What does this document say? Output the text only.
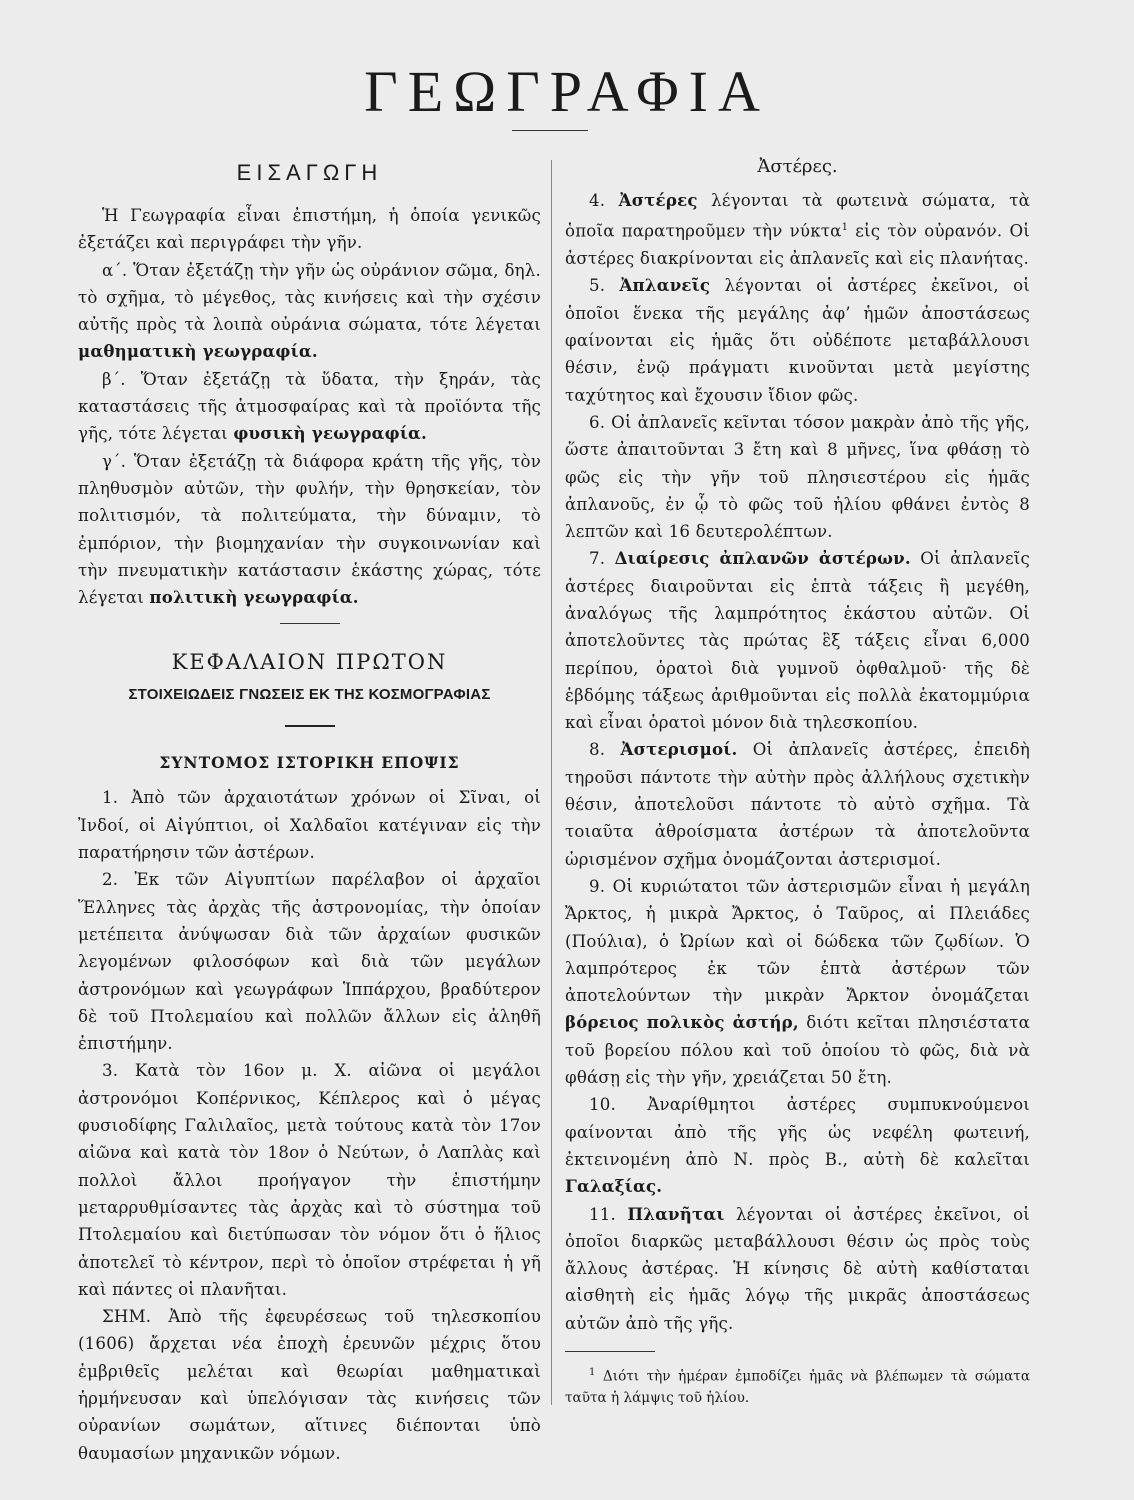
ΓΕΩΓΡΑΦΙΑ
ΕΙΣΑΓΩΓΗ

Ἡ Γεωγραφία εἶναι ἐπιστήμη, ἡ ὁποία γενικῶς ἐξετάζει καὶ περιγράφει τὴν γῆν.

α΄. Ὅταν ἐξετάζῃ τὴν γῆν ὡς οὐράνιον σῶμα, δηλ. τὸ σχῆμα, τὸ μέγεθος, τὰς κινήσεις καὶ τὴν σχέσιν αὐτῆς πρὸς τὰ λοιπὰ οὐράνια σώματα, τότε λέγεται μαθηματικὴ γεωγραφία.

β΄. Ὅταν ἐξετάζῃ τὰ ὕδατα, τὴν ξηράν, τὰς καταστάσεις τῆς ἀτμοσφαίρας καὶ τὰ προϊόντα τῆς γῆς, τότε λέγεται φυσικὴ γεωγραφία.

γ΄. Ὅταν ἐξετάζῃ τὰ διάφορα κράτη τῆς γῆς, τὸν πληθυσμὸν αὐτῶν, τὴν φυλήν, τὴν θρησκείαν, τὸν πολιτισμόν, τὰ πολιτεύματα, τὴν δύναμιν, τὸ ἐμπόριον, τὴν βιομηχανίαν τὴν συγκοινωνίαν καὶ τὴν πνευματικὴν κατάστασιν ἑκάστης χώρας, τότε λέγεται πολιτικὴ γεωγραφία.

ΚΕΦΑΛΑΙΟΝ ΠΡΩΤΟΝ
ΣΤΟΙΧΕΙΩΔΕΙΣ ΓΝΩΣΕΙΣ ΕΚ ΤΗΣ ΚΟΣΜΟΓΡΑΦΙΑΣ
ΣΥΝΤΟΜΟΣ ΙΣΤΟΡΙΚΗ ΕΠΟΨΙΣ

1. Ἀπὸ τῶν ἀρχαιοτάτων χρόνων οἱ Σῖναι, οἱ Ἰνδοί, οἱ Αἰγύπτιοι, οἱ Χαλδαῖοι κατέγιναν εἰς τὴν παρατήρησιν τῶν ἀστέρων.

2. Ἐκ τῶν Αἰγυπτίων παρέλαβον οἱ ἀρχαῖοι Ἕλληνες τὰς ἀρχὰς τῆς ἀστρονομίας, τὴν ὁποίαν μετέπειτα ἀνύψωσαν διὰ τῶν ἀρχαίων φυσικῶν λεγομένων φιλοσόφων καὶ διὰ τῶν μεγάλων ἀστρονόμων καὶ γεωγράφων Ἱππάρχου, βραδύτερον δὲ τοῦ Πτολεμαίου καὶ πολλῶν ἄλλων εἰς ἀληθῆ ἐπιστήμην.

3. Κατὰ τὸν 16ον μ. Χ. αἰῶνα οἱ μεγάλοι ἀστρονόμοι Κοπέρνικος, Κέπλερος καὶ ὁ μέγας φυσιοδίφης Γαλιλαῖος, μετὰ τούτους κατὰ τὸν 17ον αἰῶνα καὶ κατὰ τὸν 18ον ὁ Νεύτων, ὁ Λαπλὰς καὶ πολλοὶ ἄλλοι προήγαγον τὴν ἐπιστήμην μεταρρυθμίσαντες τὰς ἀρχὰς καὶ τὸ σύστημα τοῦ Πτολεμαίου καὶ διετύπωσαν τὸν νόμον ὅτι ὁ ἥλιος ἀποτελεῖ τὸ κέντρον, περὶ τὸ ὁποῖον στρέφεται ἡ γῆ καὶ πάντες οἱ πλανῆται.

ΣΗΜ. Ἀπὸ τῆς ἐφευρέσεως τοῦ τηλεσκοπίου (1606) ἄρχεται νέα ἐποχὴ ἐρευνῶν μέχρις ὅτου ἐμβριθεῖς μελέται καὶ θεωρίαι μαθηματικαὶ ἡρμήνευσαν καὶ ὑπελόγισαν τὰς κινήσεις τῶν οὐρανίων σωμάτων, αἵτινες διέπονται ὑπὸ θαυμασίων μηχανικῶν νόμων.

Ἀστέρες.

4. Ἀστέρες λέγονται τὰ φωτεινὰ σώματα, τὰ ὁποῖα παρατηροῦμεν τὴν νύκτα$^1$ εἰς τὸν οὐρανόν. Οἱ ἀστέρες διακρίνονται εἰς ἀπλανεῖς καὶ εἰς πλανήτας.

5. Ἀπλανεῖς λέγονται οἱ ἀστέρες ἐκεῖνοι, οἱ ὁποῖοι ἕνεκα τῆς μεγάλης ἀφ’ ἡμῶν ἀποστάσεως φαίνονται εἰς ἡμᾶς ὅτι οὐδέποτε μεταβάλλουσι θέσιν, ἐνῷ πράγματι κινοῦνται μετὰ μεγίστης ταχύτητος καὶ ἔχουσιν ἴδιον φῶς.

6. Οἱ ἀπλανεῖς κεῖνται τόσον μακρὰν ἀπὸ τῆς γῆς, ὥστε ἀπαιτοῦνται 3 ἔτη καὶ 8 μῆνες, ἵνα φθάσῃ τὸ φῶς εἰς τὴν γῆν τοῦ πλησιεστέρου εἰς ἡμᾶς ἀπλανοῦς, ἐν ᾧ τὸ φῶς τοῦ ἡλίου φθάνει ἐντὸς 8 λεπτῶν καὶ 16 δευτερολέπτων.

7. Διαίρεσις ἀπλανῶν ἀστέρων. Οἱ ἀπλανεῖς ἀστέρες διαιροῦνται εἰς ἑπτὰ τάξεις ἢ μεγέθη, ἀναλόγως τῆς λαμπρότητος ἑκάστου αὐτῶν. Οἱ ἀποτελοῦντες τὰς πρώτας ἓξ τάξεις εἶναι 6,000 περίπου, ὁρατοὶ διὰ γυμνοῦ ὀφθαλμοῦ· τῆς δὲ ἑβδόμης τάξεως ἀριθμοῦνται εἰς πολλὰ ἑκατομμύρια καὶ εἶναι ὁρατοὶ μόνον διὰ τηλεσκοπίου.

8. Ἀστερισμοί. Οἱ ἀπλανεῖς ἀστέρες, ἐπειδὴ τηροῦσι πάντοτε τὴν αὐτὴν πρὸς ἀλλήλους σχετικὴν θέσιν, ἀποτελοῦσι πάντοτε τὸ αὐτὸ σχῆμα. Τὰ τοιαῦτα ἀθροίσματα ἀστέρων τὰ ἀποτελοῦντα ὡρισμένον σχῆμα ὀνομάζονται ἀστερισμοί.

9. Οἱ κυριώτατοι τῶν ἀστερισμῶν εἶναι ἡ μεγάλη Ἄρκτος, ἡ μικρὰ Ἄρκτος, ὁ Ταῦρος, αἱ Πλειάδες (Πούλια), ὁ Ὠρίων καὶ οἱ δώδεκα τῶν ζῳδίων. Ὁ λαμπρότερος ἐκ τῶν ἑπτὰ ἀστέρων τῶν ἀποτελούντων τὴν μικρὰν Ἄρκτον ὀνομάζεται βόρειος πολικὸς ἀστήρ, διότι κεῖται πλησιέστατα τοῦ βορείου πόλου καὶ τοῦ ὁποίου τὸ φῶς, διὰ νὰ φθάσῃ εἰς τὴν γῆν, χρειάζεται 50 ἔτη.

10. Ἀναρίθμητοι ἀστέρες συμπυκνούμενοι φαίνονται ἀπὸ τῆς γῆς ὡς νεφέλη φωτεινή, ἐκτεινομένη ἀπὸ Ν. πρὸς Β., αὐτὴ δὲ καλεῖται Γαλαξίας.

11. Πλανῆται λέγονται οἱ ἀστέρες ἐκεῖνοι, οἱ ὁποῖοι διαρκῶς μεταβάλλουσι θέσιν ὡς πρὸς τοὺς ἄλλους ἀστέρας. Ἡ κίνησις δὲ αὐτὴ καθίσταται αἰσθητὴ εἰς ἡμᾶς λόγῳ τῆς μικρᾶς ἀποστάσεως αὐτῶν ἀπὸ τῆς γῆς.

$^1$ Διότι τὴν ἡμέραν ἐμποδίζει ἡμᾶς νὰ βλέπωμεν τὰ σώματα ταῦτα ἡ λάμψις τοῦ ἡλίου.
